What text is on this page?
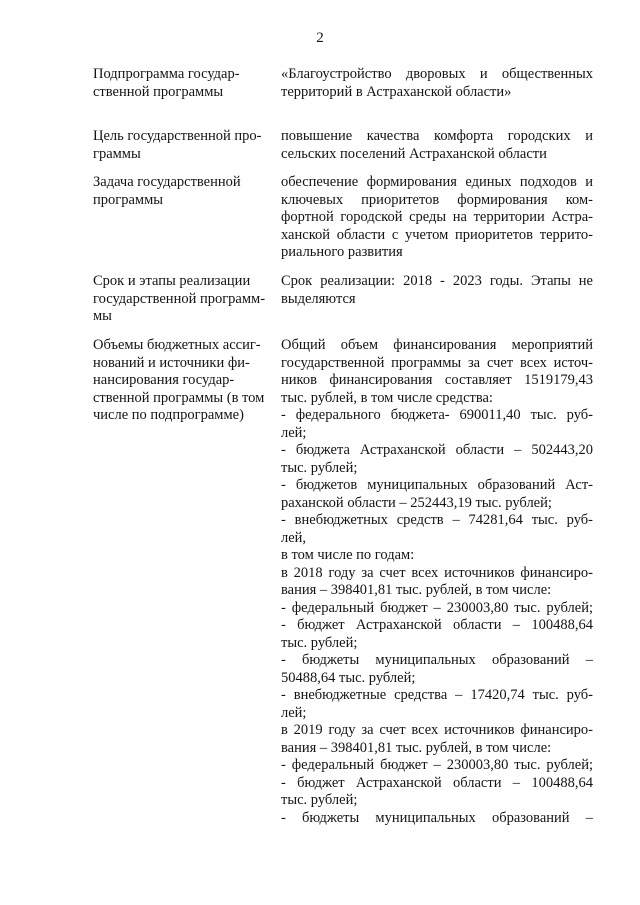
2
Подпрограмма государ-
ственной программы
«Благоустройство дворовых и общественных
территорий в Астраханской области»
Цель государственной про-
граммы
повышение качества комфорта городских и
сельских поселений Астраханской области
Задача государственной
программы
обеспечение формирования единых подходов и
ключевых приоритетов формирования ком-
фортной городской среды на территории Астра-
ханской области с учетом приоритетов террито-
риального развития
Срок и этапы реализации
государственной программ-
мы
Срок реализации: 2018 - 2023 годы. Этапы не
выделяются
Объемы бюджетных ассиг-
нований и источники фи-
нансирования государ-
ственной программы (в том
числе по подпрограмме)
Общий объем финансирования мероприятий
государственной программы за счет всех источ-
ников финансирования составляет 1519179,43
тыс. рублей, в том числе средства:
- федерального бюджета- 690011,40 тыс. руб-
лей;
- бюджета Астраханской области – 502443,20
тыс. рублей;
- бюджетов муниципальных образований Аст-
раханской области – 252443,19 тыс. рублей;
- внебюджетных средств – 74281,64 тыс. руб-
лей,
в том числе по годам:
в 2018 году за счет всех источников финансиро-
вания – 398401,81 тыс. рублей, в том числе:
- федеральный бюджет – 230003,80 тыс. рублей;
- бюджет Астраханской области – 100488,64
тыс. рублей;
- бюджеты муниципальных образований –
50488,64 тыс. рублей;
- внебюджетные средства – 17420,74 тыс. руб-
лей;
в 2019 году за счет всех источников финансиро-
вания – 398401,81 тыс. рублей, в том числе:
- федеральный бюджет – 230003,80 тыс. рублей;
- бюджет Астраханской области – 100488,64
тыс. рублей;
- бюджеты муниципальных образований –
